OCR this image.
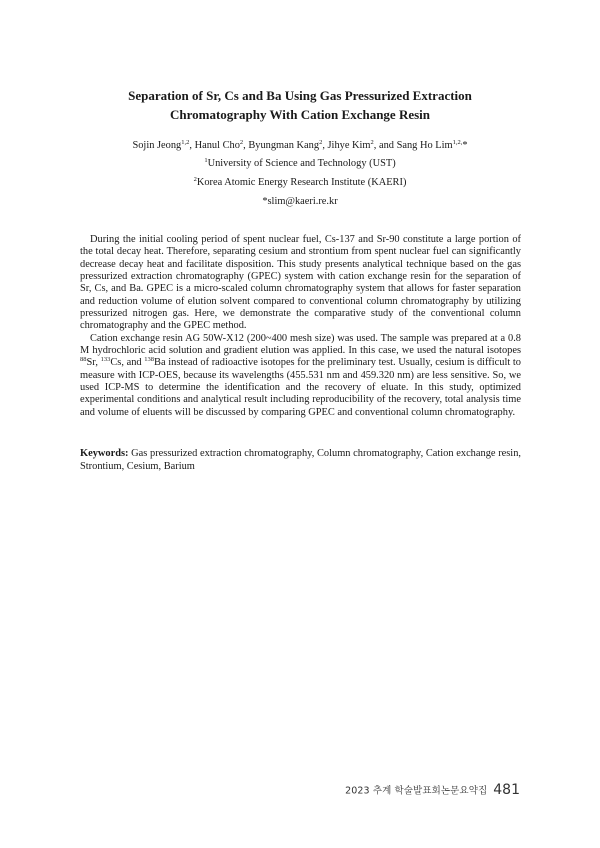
Separation of Sr, Cs and Ba Using Gas Pressurized Extraction
Chromatography With Cation Exchange Resin
Sojin Jeong$^{1,2}$, Hanul Cho$^2$, Byungman Kang$^2$, Jihye Kim$^2$, and Sang Ho Lim$^{1,2,}$*
$^1$University of Science and Technology (UST)
$^2$Korea Atomic Energy Research Institute (KAERI)
*slim@kaeri.re.kr

During the initial cooling period of spent nuclear fuel, Cs-137 and Sr-90 constitute a large portion of the total decay heat. Therefore, separating cesium and strontium from spent nuclear fuel can significantly decrease decay heat and facilitate disposition. This study presents analytical technique based on the gas pressurized extraction chromatography (GPEC) system with cation exchange resin for the separation of Sr, Cs, and Ba. GPEC is a micro-scaled column chromatography system that allows for faster separation and reduction volume of elution solvent compared to conventional column chromatography by utilizing pressurized nitrogen gas. Here, we demonstrate the comparative study of the conventional column chromatography and the GPEC method.

Cation exchange resin AG 50W-X12 (200~400 mesh size) was used. The sample was prepared at a 0.8 M hydrochloric acid solution and gradient elution was applied. In this case, we used the natural isotopes $^{88}$Sr, $^{133}$Cs, and $^{138}$Ba instead of radioactive isotopes for the preliminary test. Usually, cesium is difficult to measure with ICP-OES, because its wavelengths (455.531 nm and 459.320 nm) are less sensitive. So, we used ICP-MS to determine the identification and the recovery of eluate. In this study, optimized experimental conditions and analytical result including reproducibility of the recovery, total analysis time and volume of eluents will be discussed by comparing GPEC and conventional column chromatography.

Keywords: Gas pressurized extraction chromatography, Column chromatography, Cation exchange resin, Strontium, Cesium, Barium
2023 추계 학술발표회논문요약집 481
